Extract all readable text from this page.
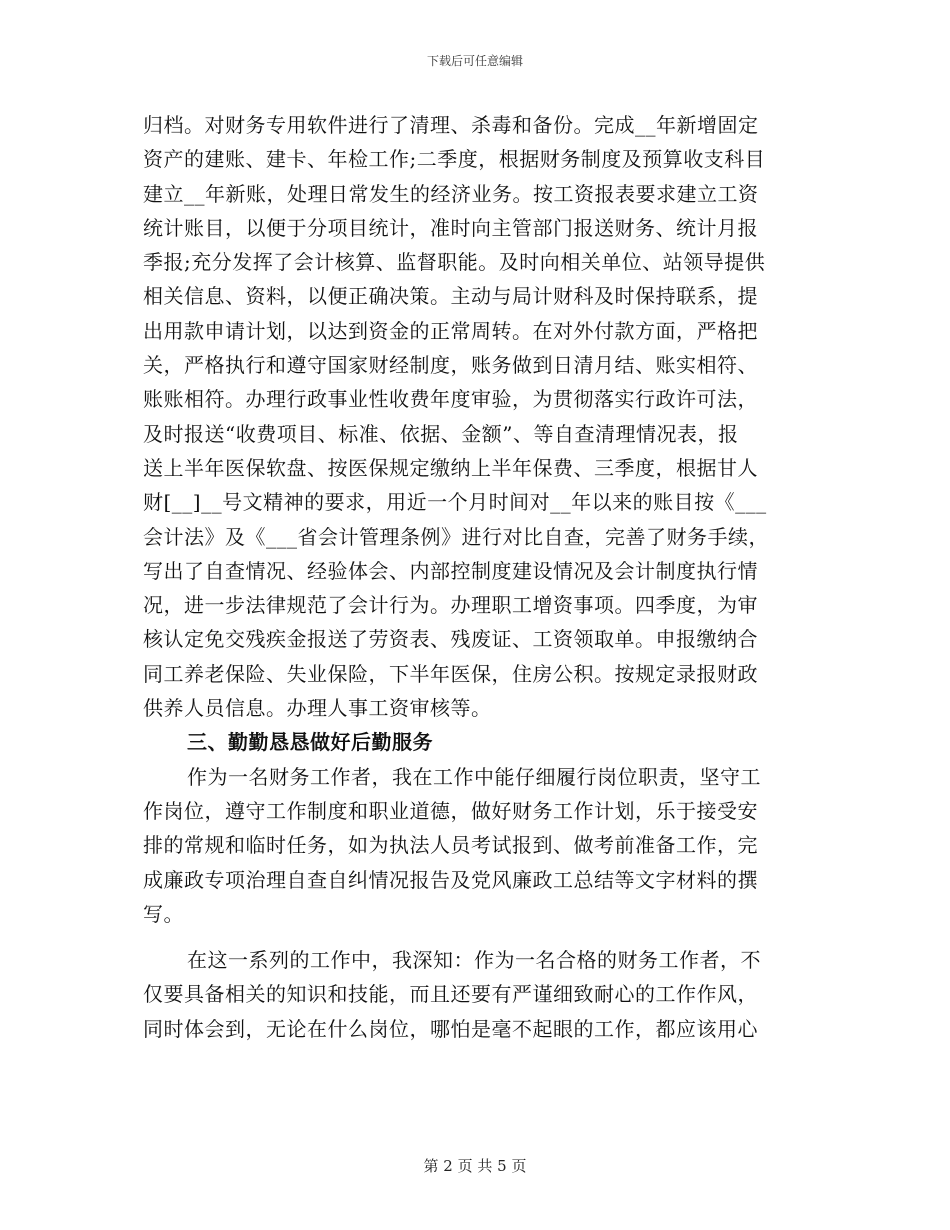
下载后可任意编辑
归档。对财务专用软件进行了清理、杀毒和备份。完成__年新增固定
资产的建账、建卡、年检工作;二季度，根据财务制度及预算收支科目
建立__年新账，处理日常发生的经济业务。按工资报表要求建立工资
统计账目，以便于分项目统计，准时向主管部门报送财务、统计月报
季报;充分发挥了会计核算、监督职能。及时向相关单位、站领导提供
相关信息、资料，以便正确决策。主动与局计财科及时保持联系，提
出用款申请计划，以达到资金的正常周转。在对外付款方面，严格把
关，严格执行和遵守国家财经制度，账务做到日清月结、账实相符、
账账相符。办理行政事业性收费年度审验，为贯彻落实行政许可法，
及时报送“收费项目、标准、依据、金额”、等自查清理情况表，报
送上半年医保软盘、按医保规定缴纳上半年保费、三季度，根据甘人
财[__]__号文精神的要求，用近一个月时间对__年以来的账目按《___
会计法》及《___省会计管理条例》进行对比自查，完善了财务手续，
写出了自查情况、经验体会、内部控制度建设情况及会计制度执行情
况，进一步法律规范了会计行为。办理职工增资事项。四季度，为审
核认定免交残疾金报送了劳资表、残废证、工资领取单。申报缴纳合
同工养老保险、失业保险，下半年医保，住房公积。按规定录报财政
供养人员信息。办理人事工资审核等。
三、勤勤恳恳做好后勤服务
作为一名财务工作者，我在工作中能仔细履行岗位职责，坚守工
作岗位，遵守工作制度和职业道德，做好财务工作计划，乐于接受安
排的常规和临时任务，如为执法人员考试报到、做考前准备工作，完
成廉政专项治理自查自纠情况报告及党风廉政工总结等文字材料的撰
写。
在这一系列的工作中，我深知：作为一名合格的财务工作者，不
仅要具备相关的知识和技能，而且还要有严谨细致耐心的工作作风，
同时体会到，无论在什么岗位，哪怕是毫不起眼的工作，都应该用心
第 2 页 共 5 页
